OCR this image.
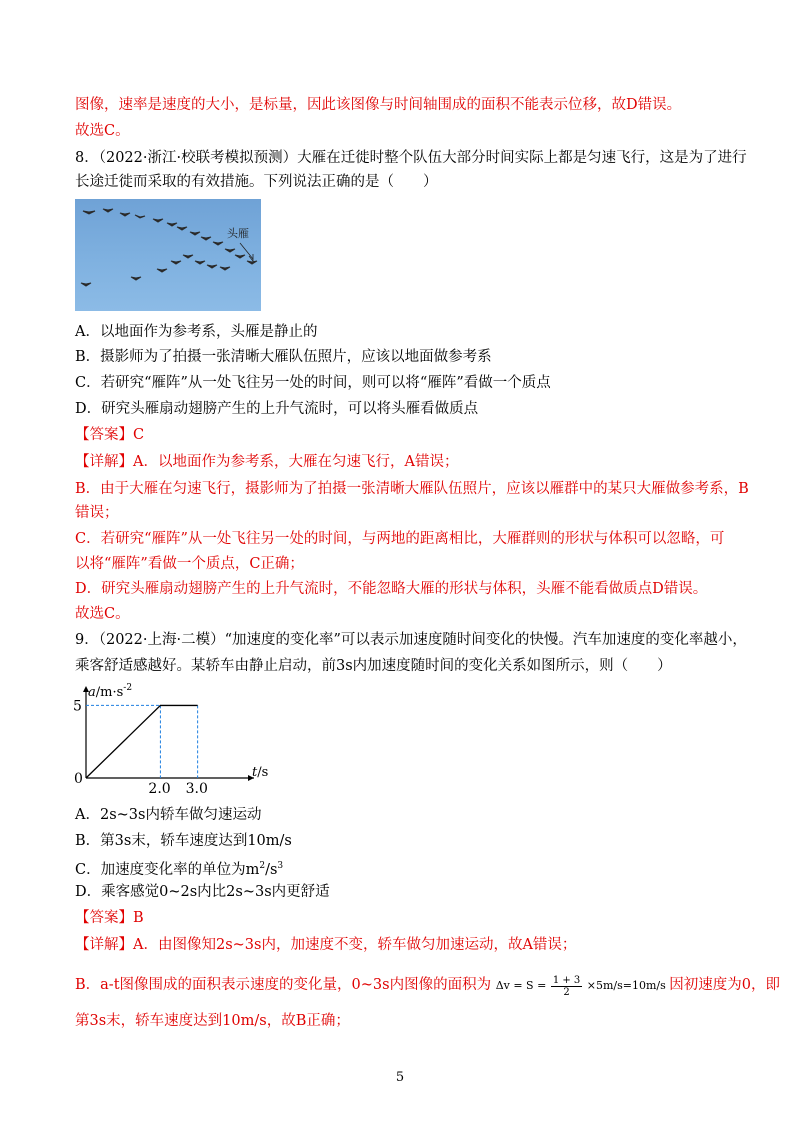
图像，速率是速度的大小，是标量，因此该图像与时间轴围成的面积不能表示位移，故D错误。
故选C。
8．（2022·浙江·校联考模拟预测）大雁在迁徙时整个队伍大部分时间实际上都是匀速飞行，这是为了进行
长途迁徙而采取的有效措施。下列说法正确的是（　　）
头雁
A．以地面作为参考系，头雁是静止的
B．摄影师为了拍摄一张清晰大雁队伍照片，应该以地面做参考系
C．若研究“雁阵”从一处飞往另一处的时间，则可以将“雁阵”看做一个质点
D．研究头雁扇动翅膀产生的上升气流时，可以将头雁看做质点
【答案】C
【详解】A．以地面作为参考系，大雁在匀速飞行，A错误；
B．由于大雁在匀速飞行，摄影师为了拍摄一张清晰大雁队伍照片，应该以雁群中的某只大雁做参考系，B
错误；
C．若研究“雁阵”从一处飞往另一处的时间，与两地的距离相比，大雁群则的形状与体积可以忽略，可
以将“雁阵”看做一个质点，C正确；
D．研究头雁扇动翅膀产生的上升气流时，不能忽略大雁的形状与体积，头雁不能看做质点D错误。
故选C。
9．（2022·上海·二模）“加速度的变化率”可以表示加速度随时间变化的快慢。汽车加速度的变化率越小，
乘客舒适感越好。某轿车由静止启动，前3s内加速度随时间的变化关系如图所示，则（　　）
$a/m\cdot s^{-2}$
t/s
0
5
2.0 3.0
A．2s~3s内轿车做匀速运动
B．第3s末，轿车速度达到10m/s
C．加速度变化率的单位为$m^2/s^3$
D．乘客感觉0~2s内比2s~3s内更舒适
【答案】B
【详解】A．由图像知2s~3s内，加速度不变，轿车做匀加速运动，故A错误；
B．a-t图像围成的面积表示速度的变化量，0~3s内图像的面积为 $\Delta v = S = \frac{1 + 3}{2} \times 5m/s=10m/s$ 因初速度为0，即
第3s末，轿车速度达到10m/s，故B正确；
5
